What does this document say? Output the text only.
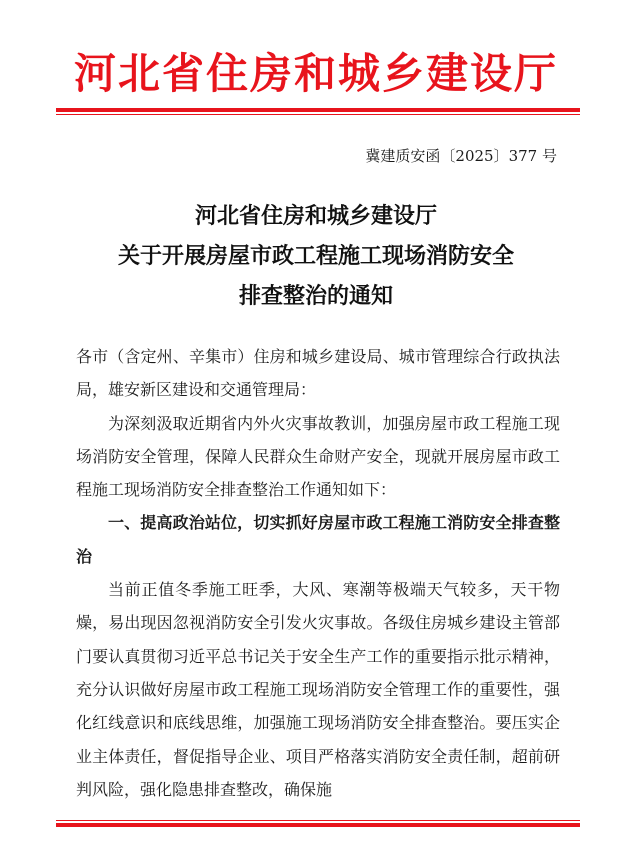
河北省住房和城乡建设厅
冀建质安函〔2025〕377 号
河北省住房和城乡建设厅
关于开展房屋市政工程施工现场消防安全
排查整治的通知

各市（含定州、辛集市）住房和城乡建设局、城市管理综合行政执法局，雄安新区建设和交通管理局：

为深刻汲取近期省内外火灾事故教训，加强房屋市政工程施工现场消防安全管理，保障人民群众生命财产安全，现就开展房屋市政工程施工现场消防安全排查整治工作通知如下：

一、提高政治站位，切实抓好房屋市政工程施工消防安全排查整治

当前正值冬季施工旺季，大风、寒潮等极端天气较多，天干物燥，易出现因忽视消防安全引发火灾事故。各级住房城乡建设主管部门要认真贯彻习近平总书记关于安全生产工作的重要指示批示精神，充分认识做好房屋市政工程施工现场消防安全管理工作的重要性，强化红线意识和底线思维，加强施工现场消防安全排查整治。要压实企业主体责任，督促指导企业、项目严格落实消防安全责任制，超前研判风险，强化隐患排查整改，确保施
